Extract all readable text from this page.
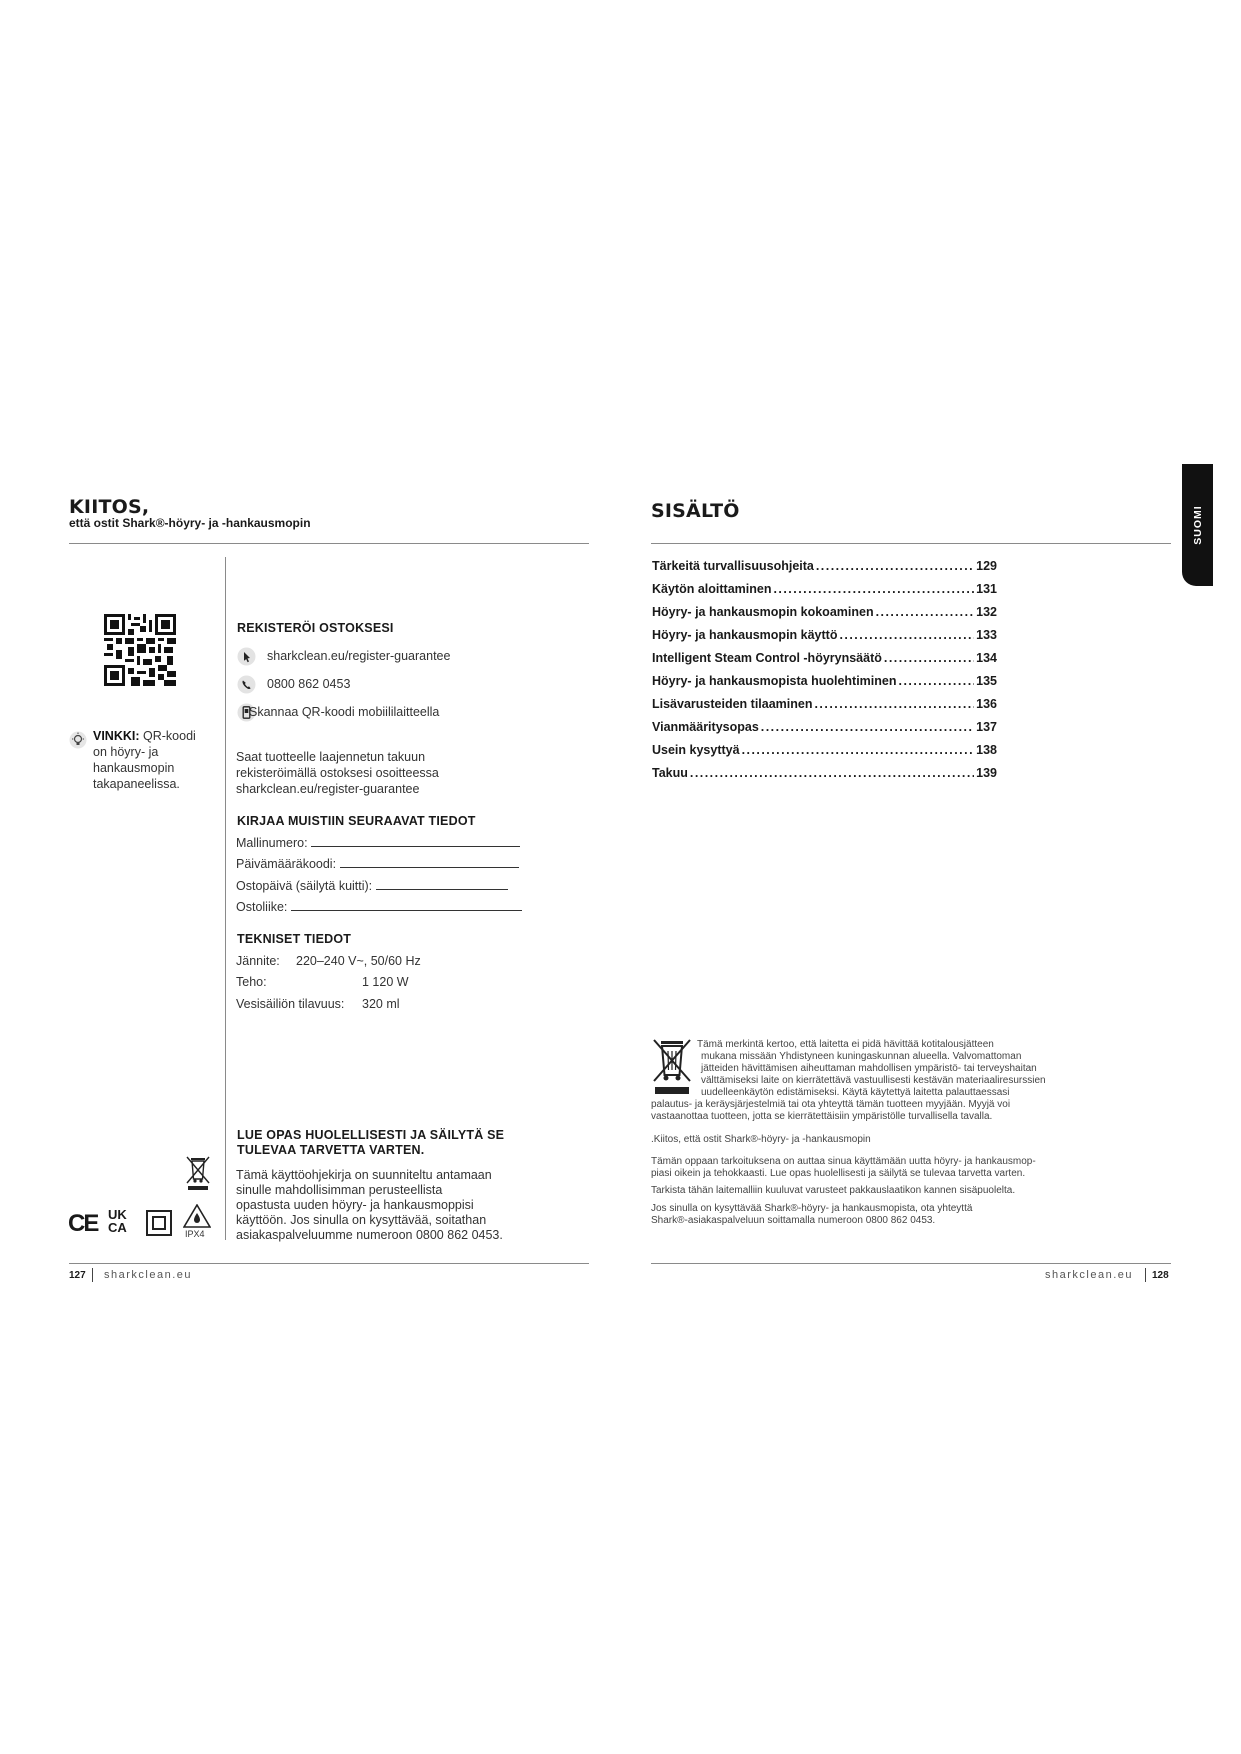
KIITOS,
että ostit Shark®-höyry- ja -hankausmopin
VINKKI: QR-koodi on höyry- ja hankausmopin takapaneelissa.
REKISTERÖI OSTOKSESI
sharkclean.eu/register-guarantee
0800 862 0453
Skannaa QR-koodi mobiililaitteella
Saat tuotteelle laajennetun takuun
rekisteröimällä ostoksesi osoitteessa
sharkclean.eu/register-guarantee
KIRJAA MUISTIIN SEURAAVAT TIEDOT
Mallinumero:
Päivämääräkoodi:
Ostopäivä (säilytä kuitti):
Ostoliike:
TEKNISET TIEDOT
Jännite: 220–240 V~, 50/60 Hz
Teho:	1 120 W
Vesisäiliön tilavuus: 320 ml
LUE OPAS HUOLELLISESTI JA SÄILYTÄ SE
TULEVAA TARVETTA VARTEN.
Tämä käyttöohjekirja on suunniteltu antamaan
sinulle mahdollisimman perusteellista
opastusta uuden höyry- ja hankausmoppisi
käyttöön. Jos sinulla on kysyttävää, soitathan
asiakaspalveluumme numeroon 0800 862 0453.
CE UK
CA	IPX4
127 sharkclean.eu
SISÄLTÖ	SUOMI
Tärkeitä turvallisuusohjeita . . .	129
Käytön aloittaminen . . .	131
Höyry- ja hankausmopin kokoaminen . . .	132
Höyry- ja hankausmopin käyttö . . .	133
Intelligent Steam Control -höyrynsäätö . . .	134
Höyry- ja hankausmopista huolehtiminen . . .	135
Lisävarusteiden tilaaminen . . .	136
Vianmääritysopas . . .	137
Usein kysyttyä . . .	138
Takuu . . .	139
Tämä merkintä kertoo, että laitetta ei pidä hävittää kotitalousjätteen
mukana missään Yhdistyneen kuningaskunnan alueella. Valvomattoman
jätteiden hävittämisen aiheuttaman mahdollisen ympäristö- tai terveyshaitan
välttämiseksi laite on kierrätettävä vastuullisesti kestävän materiaaliresurssien
uudelleenkäytön edistämiseksi. Käytä käytettyä laitetta palauttaessasi
palautus- ja keräysjärjestelmiä tai ota yhteyttä tämän tuotteen myyjään. Myyjä voi
vastaanottaa tuotteen, jotta se kierrätettäisiin ympäristölle turvallisella tavalla.
.Kiitos, että ostit Shark®-höyry- ja -hankausmopin
Tämän oppaan tarkoituksena on auttaa sinua käyttämään uutta höyry- ja hankausmop-
piasi oikein ja tehokkaasti. Lue opas huolellisesti ja säilytä se tulevaa tarvetta varten.
Tarkista tähän laitemalliin kuuluvat varusteet pakkauslaatikon kannen sisäpuolelta.
Jos sinulla on kysyttävää Shark®-höyry- ja hankausmopista, ota yhteyttä
Shark®-asiakaspalveluun soittamalla numeroon 0800 862 0453.
sharkclean.eu 128
